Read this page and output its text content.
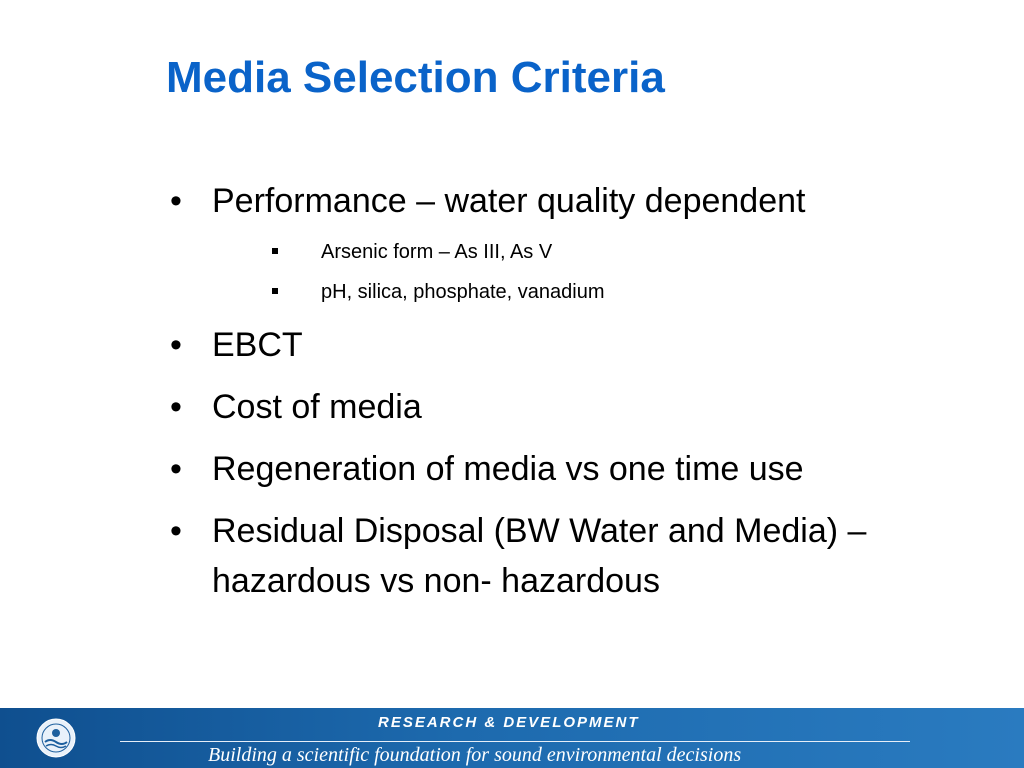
Media Selection Criteria
• Performance – water quality dependent
Arsenic form – As III, As V
pH, silica, phosphate, vanadium
• EBCT
• Cost of media
• Regeneration of media vs one time use
• Residual Disposal (BW Water and Media) – hazardous vs non- hazardous
RESEARCH & DEVELOPMENT
Building a scientific foundation for sound environmental decisions
